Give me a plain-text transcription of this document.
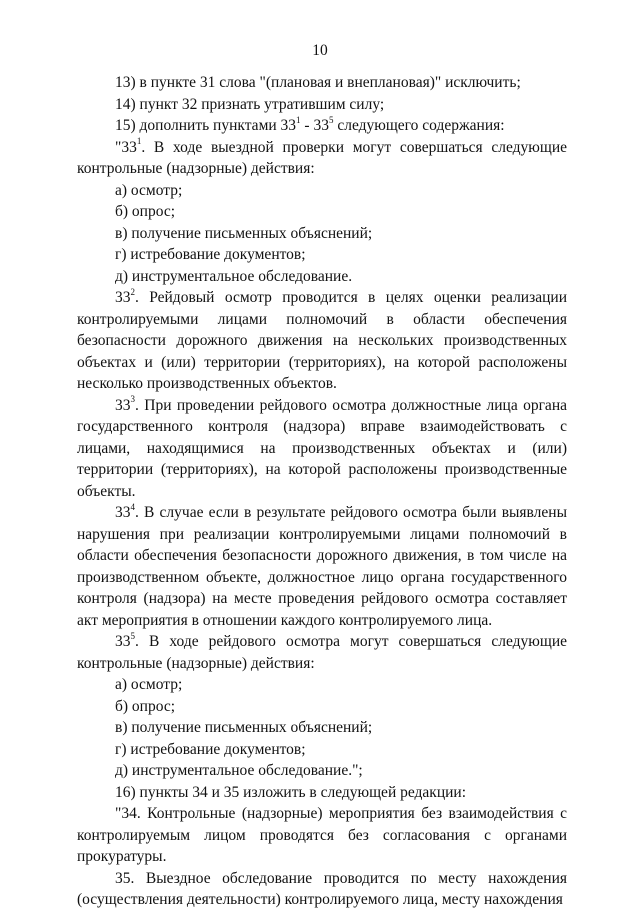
10

13) в пункте 31 слова "(плановая и внеплановая)" исключить;

14) пункт 32 признать утратившим силу;

15) дополнить пунктами $33^1 - 33^5$ следующего содержания:

"$33^1$. В ходе выездной проверки могут совершаться следующие контрольные (надзорные) действия:

а) осмотр;

б) опрос;

в) получение письменных объяснений;

г) истребование документов;

д) инструментальное обследование.

$33^2$. Рейдовый осмотр проводится в целях оценки реализации контролируемыми лицами полномочий в области обеспечения безопасности дорожного движения на нескольких производственных объектах и (или) территории (территориях), на которой расположены несколько производственных объектов.

$33^3$. При проведении рейдового осмотра должностные лица органа государственного контроля (надзора) вправе взаимодействовать с лицами, находящимися на производственных объектах и (или) территории (территориях), на которой расположены производственные объекты.

$33^4$. В случае если в результате рейдового осмотра были выявлены нарушения при реализации контролируемыми лицами полномочий в области обеспечения безопасности дорожного движения, в том числе на производственном объекте, должностное лицо органа государственного контроля (надзора) на месте проведения рейдового осмотра составляет акт мероприятия в отношении каждого контролируемого лица.

$33^5$. В ходе рейдового осмотра могут совершаться следующие контрольные (надзорные) действия:

а) осмотр;

б) опрос;

в) получение письменных объяснений;

г) истребование документов;

д) инструментальное обследование.";

16) пункты 34 и 35 изложить в следующей редакции:

"34. Контрольные (надзорные) мероприятия без взаимодействия с контролируемым лицом проводятся без согласования с органами прокуратуры.

35. Выездное обследование проводится по месту нахождения (осуществления деятельности) контролируемого лица, месту нахождения
